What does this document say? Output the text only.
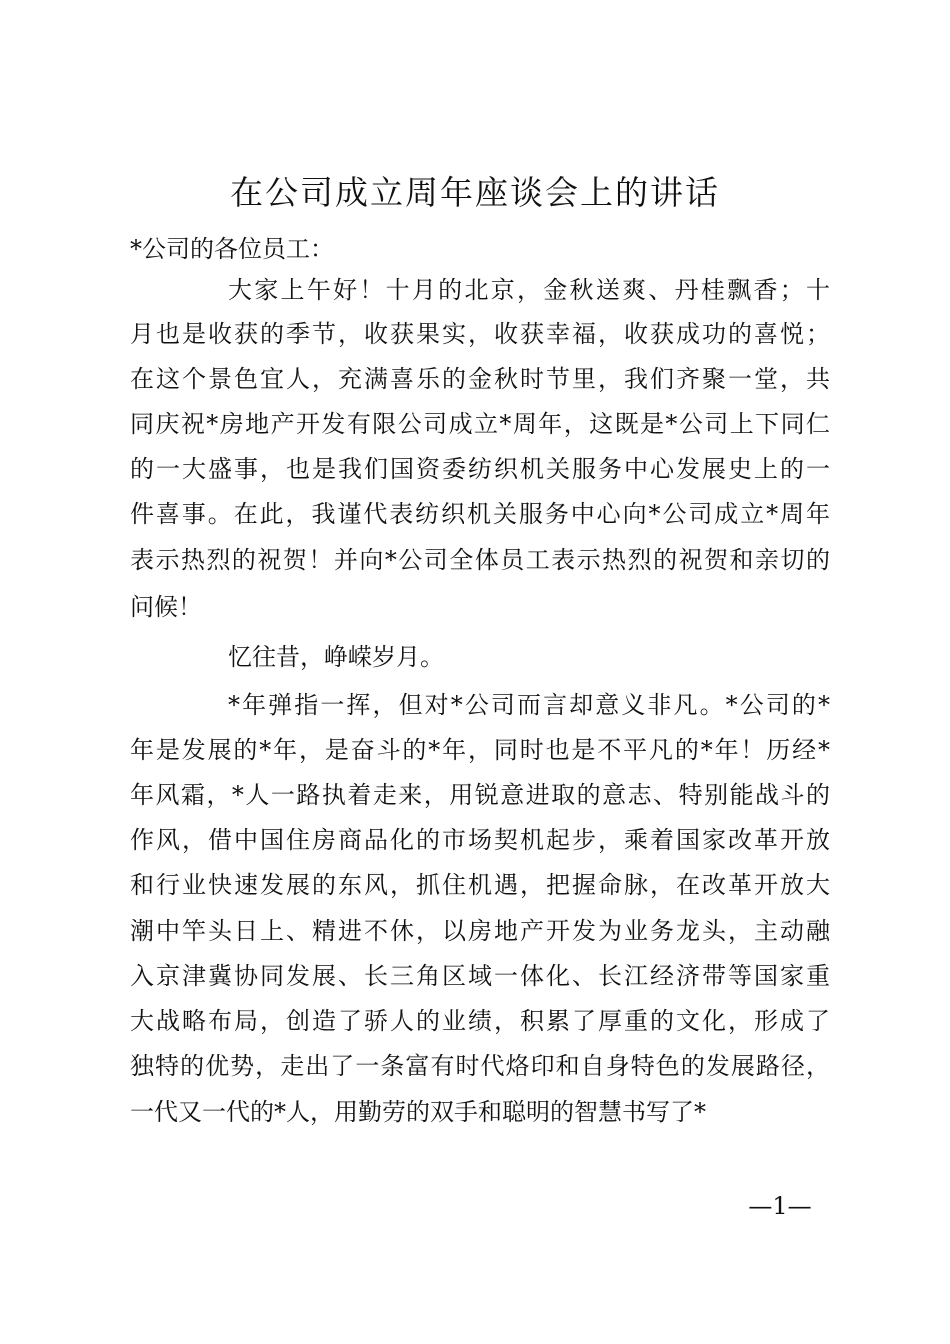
在公司成立周年座谈会上的讲话
*公司的各位员工：
大家上午好！十月的北京，金秋送爽、丹桂飘香；十
月也是收获的季节，收获果实，收获幸福，收获成功的喜悦；
在这个景色宜人，充满喜乐的金秋时节里，我们齐聚一堂，共
同庆祝*房地产开发有限公司成立*周年，这既是*公司上下同仁
的一大盛事，也是我们国资委纺织机关服务中心发展史上的一
件喜事。在此，我谨代表纺织机关服务中心向*公司成立*周年
表示热烈的祝贺！并向*公司全体员工表示热烈的祝贺和亲切的
问候！
忆往昔，峥嵘岁月。
*年弹指一挥，但对*公司而言却意义非凡。*公司的*
年是发展的*年，是奋斗的*年，同时也是不平凡的*年！历经*
年风霜，*人一路执着走来，用锐意进取的意志、特别能战斗的
作风，借中国住房商品化的市场契机起步，乘着国家改革开放
和行业快速发展的东风，抓住机遇，把握命脉，在改革开放大
潮中竿头日上、精进不休，以房地产开发为业务龙头，主动融
入京津冀协同发展、长三角区域一体化、长江经济带等国家重
大战略布局，创造了骄人的业绩，积累了厚重的文化，形成了
独特的优势，走出了一条富有时代烙印和自身特色的发展路径，
一代又一代的*人，用勤劳的双手和聪明的智慧书写了*
—1—
